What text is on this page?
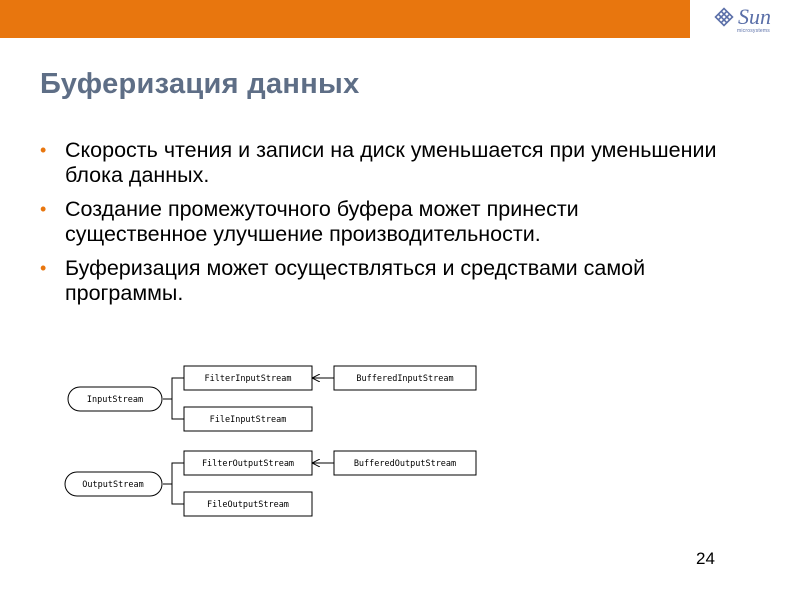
Sun
microsystems
Буферизация данных
• Скорость чтения и записи на диск уменьшается при уменьшении блока данных.
• Создание промежуточного буфера может принести существенное улучшение производительности.
• Буферизация может осуществляться и средствами самой программы.
InputStream
FilterInputStream	BufferedInputStream
FileInputStream
OutputStream
FilterOutputStream	BufferedOutputStream
FileOutputStream
24
